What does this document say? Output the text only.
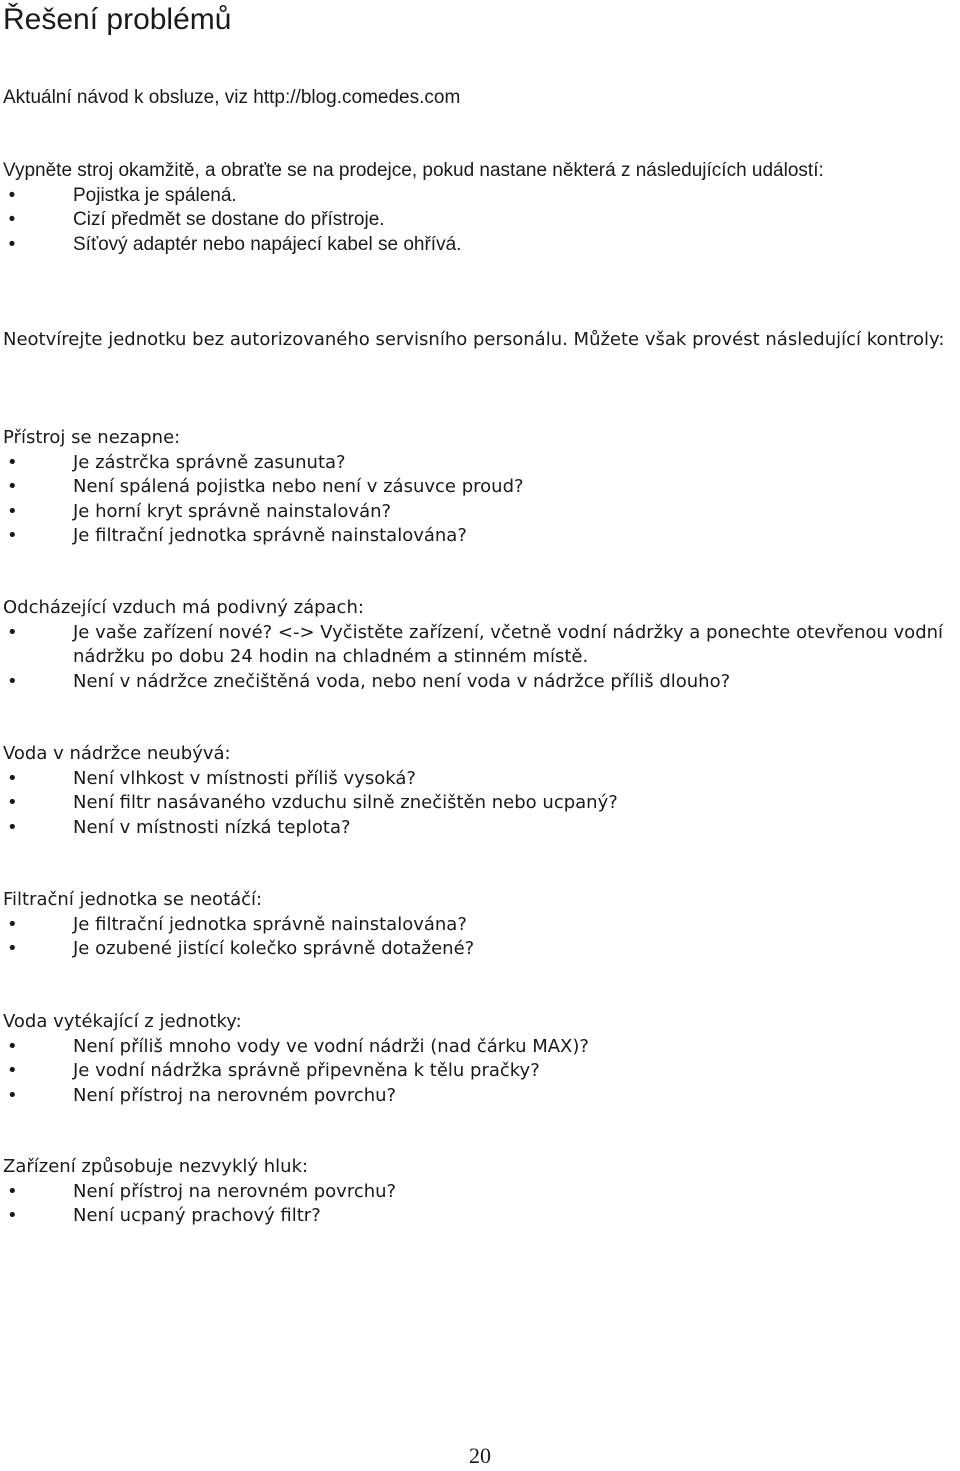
Řešení problémů

Aktuální návod k obsluze, viz http://blog.comedes.com

Vypněte stroj okamžitě, a obraťte se na prodejce, pokud nastane některá z následujících událostí:

•	Pojistka je spálená.
•	Cizí předmět se dostane do přístroje.
•	Síťový adaptér nebo napájecí kabel se ohřívá.

Neotvírejte jednotku bez autorizovaného servisního personálu. Můžete však provést následující kontroly:

Přístroj se nezapne:

•	Je zástrčka správně zasunuta?
•	Není spálená pojistka nebo není v zásuvce proud?
•	Je horní kryt správně nainstalován?
•	Je filtrační jednotka správně nainstalována?

Odcházející vzduch má podivný zápach:

•	Je vaše zařízení nové? <-> Vyčistěte zařízení, včetně vodní nádržky a ponechte otevřenou vodní nádržku po dobu 24 hodin na chladném a stinném místě.
•	Není v nádržce znečištěná voda, nebo není voda v nádržce příliš dlouho?

Voda v nádržce neubývá:

•	Není vlhkost v místnosti příliš vysoká?
•	Není filtr nasávaného vzduchu silně znečištěn nebo ucpaný?
•	Není v místnosti nízká teplota?

Filtrační jednotka se neotáčí:

•	Je filtrační jednotka správně nainstalována?
•	Je ozubené jistící kolečko správně dotažené?

Voda vytékající z jednotky:

•	Není příliš mnoho vody ve vodní nádrži (nad čárku MAX)?
•	Je vodní nádržka správně připevněna k tělu pračky?
•	Není přístroj na nerovném povrchu?

Zařízení způsobuje nezvyklý hluk:

•	Není přístroj na nerovném povrchu?
•	Není ucpaný prachový filtr?
20
